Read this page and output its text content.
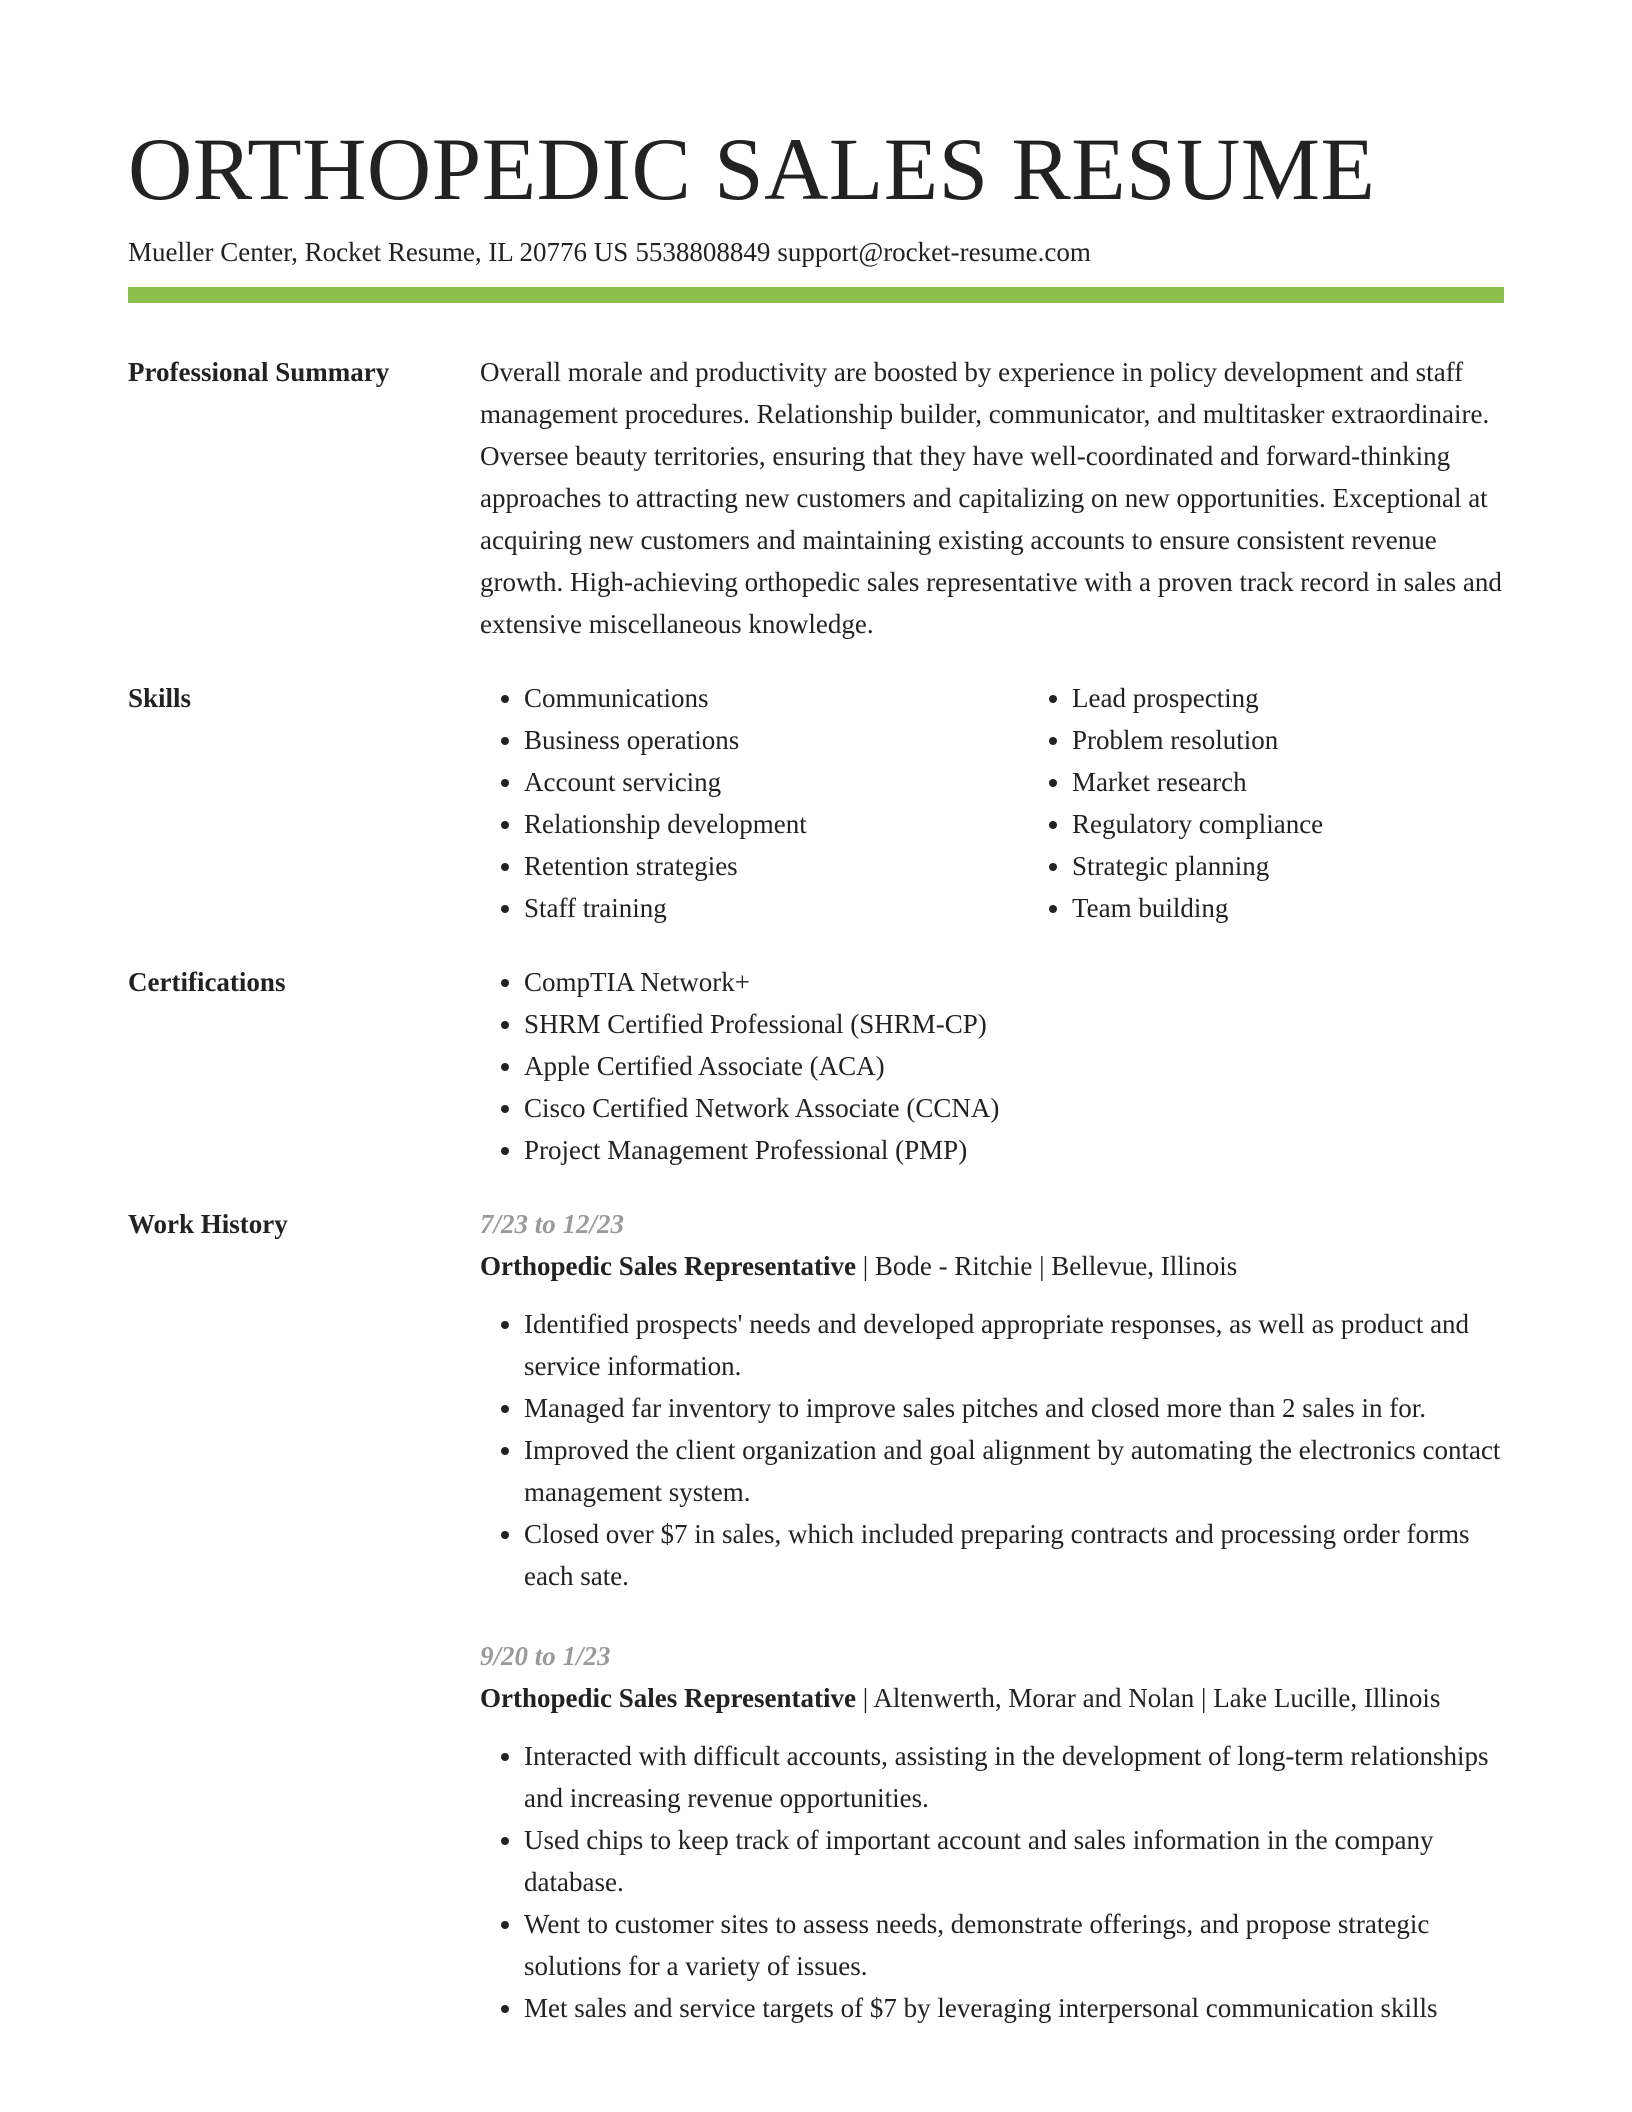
ORTHOPEDIC SALES RESUME
Mueller Center, Rocket Resume, IL 20776 US 5538808849 support@rocket-resume.com
Professional Summary	Overall morale and productivity are boosted by experience in policy development and staff management procedures. Relationship builder, communicator, and multitasker extraordinaire. Oversee beauty territories, ensuring that they have well-coordinated and forward-thinking approaches to attracting new customers and capitalizing on new opportunities. Exceptional at acquiring new customers and maintaining existing accounts to ensure consistent revenue growth. High-achieving orthopedic sales representative with a proven track record in sales and extensive miscellaneous knowledge.

Skills	• Communications
• Business operations
• Account servicing
• Relationship development
• Retention strategies
• Staff training
• Lead prospecting
• Problem resolution
• Market research
• Regulatory compliance
• Strategic planning
• Team building
Certifications	• CompTIA Network+
• SHRM Certified Professional (SHRM-CP)
• Apple Certified Associate (ACA)
• Cisco Certified Network Associate (CCNA)
• Project Management Professional (PMP)
Work History	7/23 to 12/23
Orthopedic Sales Representative | Bode - Ritchie | Bellevue, Illinois
• Identified prospects' needs and developed appropriate responses, as well as product and service information.
• Managed far inventory to improve sales pitches and closed more than 2 sales in for.
• Improved the client organization and goal alignment by automating the electronics contact management system.
• Closed over $7 in sales, which included preparing contracts and processing order forms each sate.
9/20 to 1/23
Orthopedic Sales Representative | Altenwerth, Morar and Nolan | Lake Lucille, Illinois
• Interacted with difficult accounts, assisting in the development of long-term relationships and increasing revenue opportunities.
• Used chips to keep track of important account and sales information in the company database.
• Went to customer sites to assess needs, demonstrate offerings, and propose strategic solutions for a variety of issues.
• Met sales and service targets of $7 by leveraging interpersonal communication skills
